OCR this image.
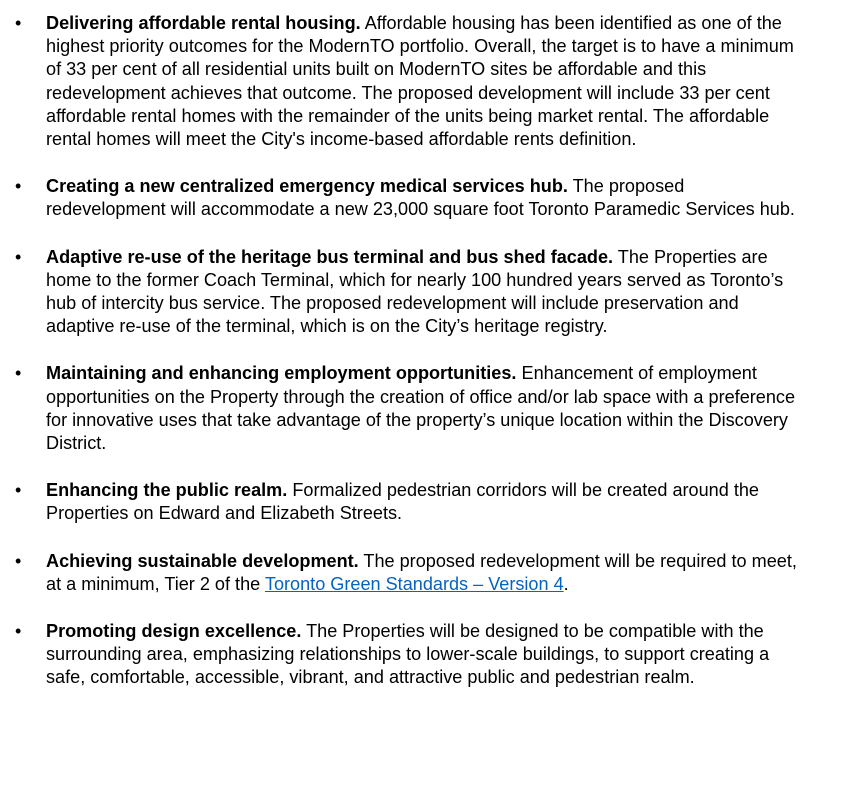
• Delivering affordable rental housing. Affordable housing has been identified as one of the highest priority outcomes for the ModernTO portfolio. Overall, the target is to have a minimum of 33 per cent of all residential units built on ModernTO sites be affordable and this redevelopment achieves that outcome. The proposed development will include 33 per cent affordable rental homes with the remainder of the units being market rental. The affordable rental homes will meet the City's income-based affordable rents definition.
• Creating a new centralized emergency medical services hub. The proposed redevelopment will accommodate a new 23,000 square foot Toronto Paramedic Services hub.
• Adaptive re-use of the heritage bus terminal and bus shed facade. The Properties are home to the former Coach Terminal, which for nearly 100 hundred years served as Toronto’s hub of intercity bus service. The proposed redevelopment will include preservation and adaptive re-use of the terminal, which is on the City’s heritage registry.
• Maintaining and enhancing employment opportunities. Enhancement of employment opportunities on the Property through the creation of office and/or lab space with a preference for innovative uses that take advantage of the property’s unique location within the Discovery District.
• Enhancing the public realm. Formalized pedestrian corridors will be created around the Properties on Edward and Elizabeth Streets.
• Achieving sustainable development. The proposed redevelopment will be required to meet, at a minimum, Tier 2 of the Toronto Green Standards – Version 4.
• Promoting design excellence. The Properties will be designed to be compatible with the surrounding area, emphasizing relationships to lower-scale buildings, to support creating a safe, comfortable, accessible, vibrant, and attractive public and pedestrian realm.
